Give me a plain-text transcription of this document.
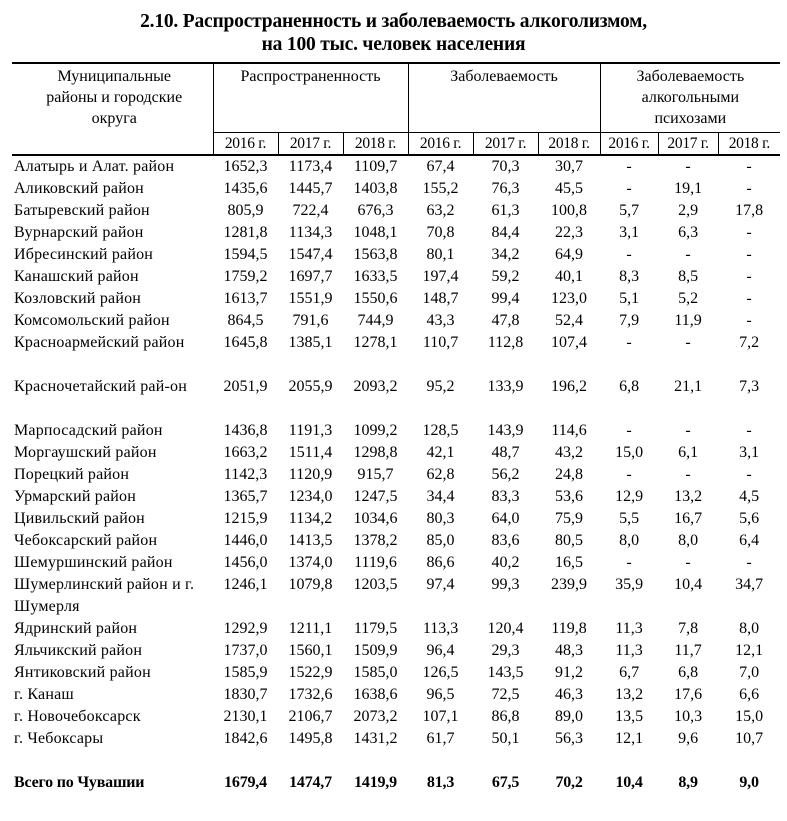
2.10. Распространенность и заболеваемость алкоголизмом,
на 100 тыс. человек населения
Муниципальные районы и городские округа	Распространенность			Заболеваемость			Заболеваемость алкогольными психозами		
	2016 г.	2017 г.	2018 г.	2016 г.	2017 г.	2018 г.	2016 г.	2017 г.	2018 г.
Алатырь и Алат. район	1652,3	1173,4	1109,7	67,4	70,3	30,7	-	-	-
Аликовский район	1435,6	1445,7	1403,8	155,2	76,3	45,5	-	19,1	-
Батыревский район	805,9	722,4	676,3	63,2	61,3	100,8	5,7	2,9	17,8
Вурнарский район	1281,8	1134,3	1048,1	70,8	84,4	22,3	3,1	6,3	-
Ибресинский район	1594,5	1547,4	1563,8	80,1	34,2	64,9	-	-	-
Канашский район	1759,2	1697,7	1633,5	197,4	59,2	40,1	8,3	8,5	-
Козловский район	1613,7	1551,9	1550,6	148,7	99,4	123,0	5,1	5,2	-
Комсомольский район	864,5	791,6	744,9	43,3	47,8	52,4	7,9	11,9	-
Красноармейский район	1645,8	1385,1	1278,1	110,7	112,8	107,4	-	-	7,2
Красночетайский рай-он	2051,9	2055,9	2093,2	95,2	133,9	196,2	6,8	21,1	7,3
Марпосадский район	1436,8	1191,3	1099,2	128,5	143,9	114,6	-	-	-
Моргаушский район	1663,2	1511,4	1298,8	42,1	48,7	43,2	15,0	6,1	3,1
Порецкий район	1142,3	1120,9	915,7	62,8	56,2	24,8	-	-	-
Урмарский район	1365,7	1234,0	1247,5	34,4	83,3	53,6	12,9	13,2	4,5
Цивильский район	1215,9	1134,2	1034,6	80,3	64,0	75,9	5,5	16,7	5,6
Чебоксарский район	1446,0	1413,5	1378,2	85,0	83,6	80,5	8,0	8,0	6,4
Шемуршинский район	1456,0	1374,0	1119,6	86,6	40,2	16,5	-	-	-
Шумерлинский район и г. Шумерля	1246,1	1079,8	1203,5	97,4	99,3	239,9	35,9	10,4	34,7
Ядринский район	1292,9	1211,1	1179,5	113,3	120,4	119,8	11,3	7,8	8,0
Яльчикский район	1737,0	1560,1	1509,9	96,4	29,3	48,3	11,3	11,7	12,1
Янтиковский район	1585,9	1522,9	1585,0	126,5	143,5	91,2	6,7	6,8	7,0
г. Канаш	1830,7	1732,6	1638,6	96,5	72,5	46,3	13,2	17,6	6,6
г. Новочебоксарск	2130,1	2106,7	2073,2	107,1	86,8	89,0	13,5	10,3	15,0
г. Чебоксары	1842,6	1495,8	1431,2	61,7	50,1	56,3	12,1	9,6	10,7

Всего по Чувашии	1679,4	1474,7	1419,9	81,3	67,5	70,2	10,4	8,9	9,0
